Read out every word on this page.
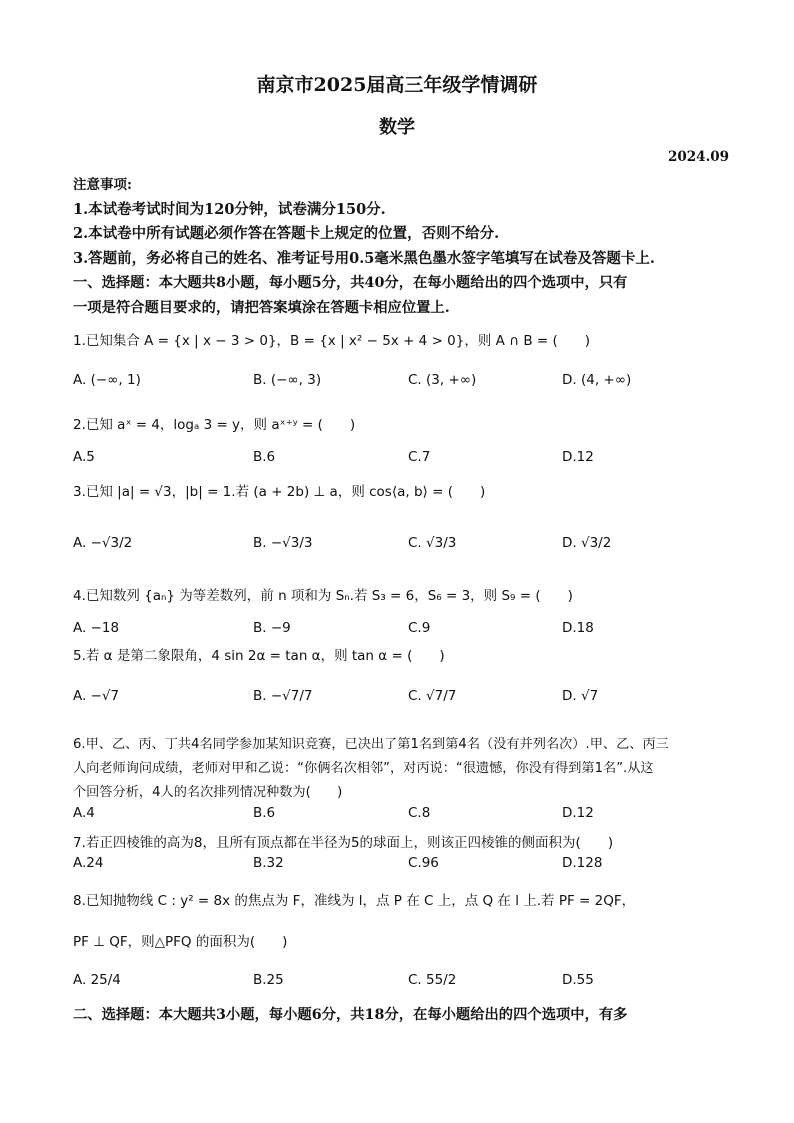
南京市2025届高三年级学情调研
数学
2024.09
注意事项:
1.本试卷考试时间为120分钟，试卷满分150分.
2.本试卷中所有试题必须作答在答题卡上规定的位置，否则不给分.
3.答题前，务必将自己的姓名、准考证号用0.5毫米黑色墨水签字笔填写在试卷及答题卡上.
一、选择题：本大题共8小题，每小题5分，共40分，在每小题给出的四个选项中，只有
一项是符合题目要求的，请把答案填涂在答题卡相应位置上.
1.已知集合 A = {x | x − 3 > 0}，B = {x | x² − 5x + 4 > 0}，则 A ∩ B = (　　)
A. (−∞, 1)	B. (−∞, 3)	C. (3, +∞)	D. (4, +∞)
2.已知 aˣ = 4，logₐ 3 = y，则 aˣ⁺ʸ = (　　)
A.5	B.6	C.7	D.12
3.已知 |a| = √3，|b| = 1.若 (a + 2b) ⊥ a，则 cos⟨a, b⟩ = (　　)
A. −√3/2	B. −√3/3	C. √3/3	D. √3/2
4.已知数列 {aₙ} 为等差数列，前 n 项和为 Sₙ.若 S₃ = 6，S₆ = 3，则 S₉ = (　　)
A. −18	B. −9	C.9	D.18
5.若 α 是第二象限角，4 sin 2α = tan α，则 tan α = (　　)
A. −√7	B. −√7/7	C. √7/7	D. √7
6.甲、乙、丙、丁共4名同学参加某知识竞赛，已决出了第1名到第4名（没有并列名次）.甲、乙、丙三
人向老师询问成绩，老师对甲和乙说：“你俩名次相邻”，对丙说：“很遗憾，你没有得到第1名”.从这
个回答分析，4人的名次排列情况种数为(　　)
A.4	B.6	C.8	D.12
7.若正四棱锥的高为8，且所有顶点都在半径为5的球面上，则该正四棱锥的侧面积为(　　)
A.24	B.32	C.96	D.128
8.已知抛物线 C : y² = 8x 的焦点为 F，准线为 l，点 P 在 C 上，点 Q 在 l 上.若 PF = 2QF，
PF ⊥ QF，则△PFQ 的面积为(　　)
A. 25/4	B.25	C. 55/2	D.55
二、选择题：本大题共3小题，每小题6分，共18分，在每小题给出的四个选项中，有多
